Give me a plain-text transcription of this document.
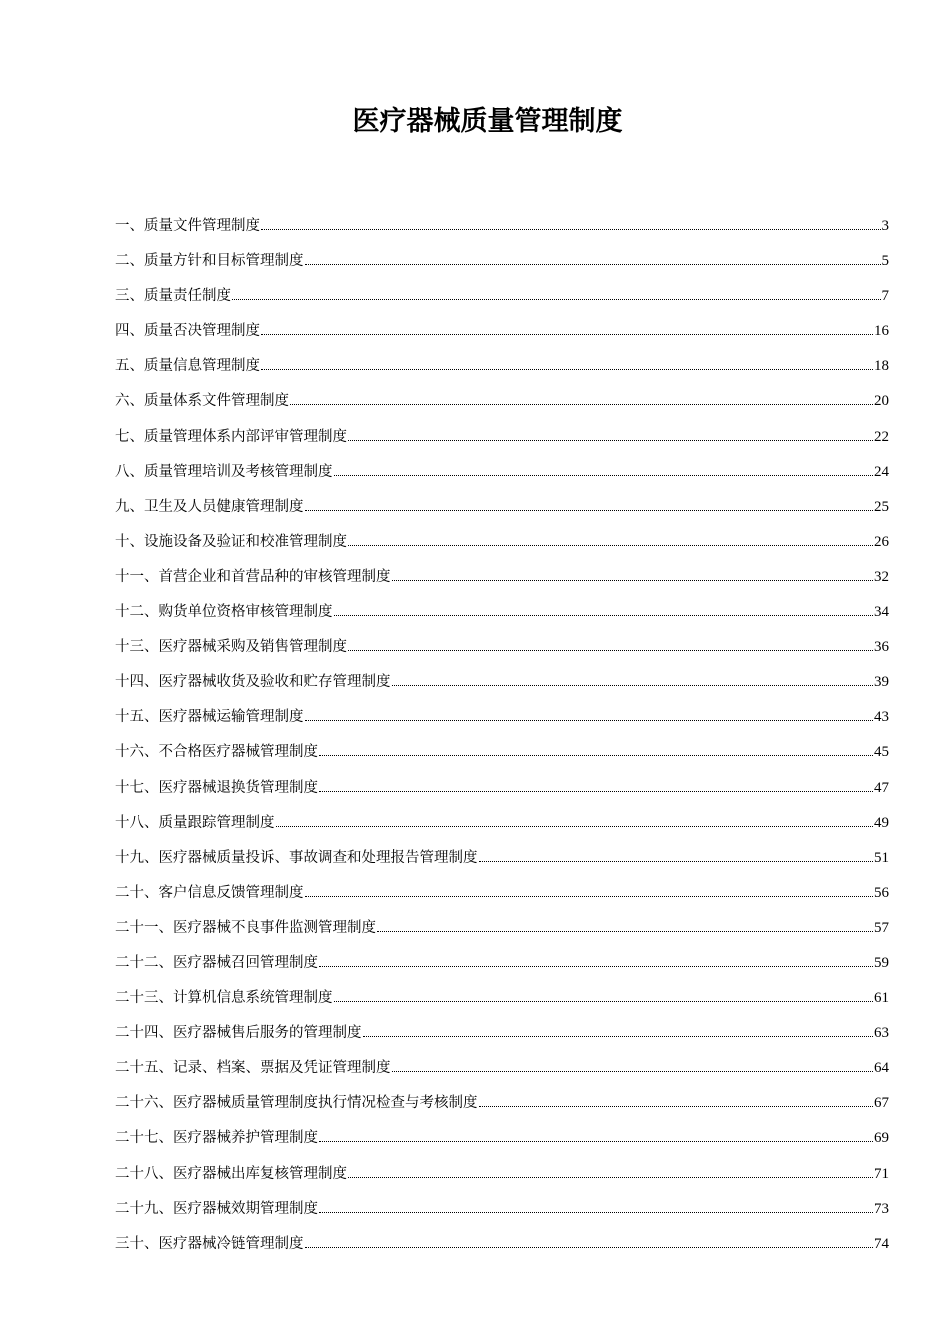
医疗器械质量管理制度
一、质量文件管理制度	3
二、质量方针和目标管理制度	5
三、质量责任制度	7
四、质量否决管理制度	16
五、质量信息管理制度	18
六、质量体系文件管理制度	20
七、质量管理体系内部评审管理制度	22
八、质量管理培训及考核管理制度	24
九、卫生及人员健康管理制度	25
十、设施设备及验证和校准管理制度	26
十一、首营企业和首营品种的审核管理制度	32
十二、购货单位资格审核管理制度	34
十三、医疗器械采购及销售管理制度	36
十四、医疗器械收货及验收和贮存管理制度	39
十五、医疗器械运输管理制度	43
十六、不合格医疗器械管理制度	45
十七、医疗器械退换货管理制度	47
十八、质量跟踪管理制度	49
十九、医疗器械质量投诉、事故调查和处理报告管理制度	51
二十、客户信息反馈管理制度	56
二十一、医疗器械不良事件监测管理制度	57
二十二、医疗器械召回管理制度	59
二十三、计算机信息系统管理制度	61
二十四、医疗器械售后服务的管理制度	63
二十五、记录、档案、票据及凭证管理制度	64
二十六、医疗器械质量管理制度执行情况检查与考核制度	67
二十七、医疗器械养护管理制度	69
二十八、医疗器械出库复核管理制度	71
二十九、医疗器械效期管理制度	73
三十、医疗器械冷链管理制度	74
